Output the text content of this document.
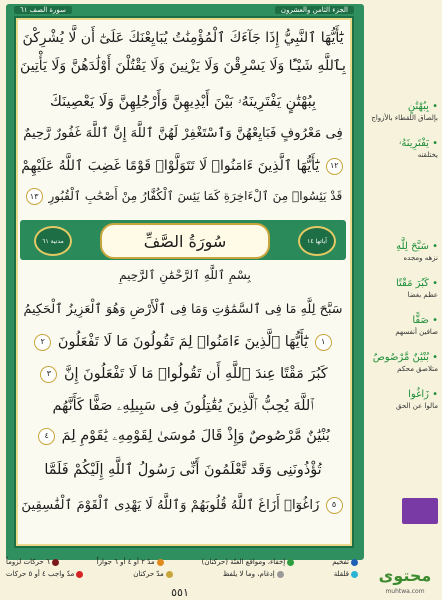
سورة الصف ٦١	الجزء الثامن والعشرون
يَٰٓأَيُّهَا ٱلنَّبِيُّ إِذَا جَآءَكَ ٱلْمُؤْمِنَٰتُ يُبَايِعْنَكَ عَلَىٰٓ أَن لَّا يُشْرِكْنَ
بِٱللَّهِ شَيْـًٔا وَلَا يَسْرِقْنَ وَلَا يَزْنِينَ وَلَا يَقْتُلْنَ أَوْلَٰدَهُنَّ وَلَا يَأْتِينَ
بِبُهْتَٰنٍ يَفْتَرِينَهُۥ بَيْنَ أَيْدِيهِنَّ وَأَرْجُلِهِنَّ وَلَا يَعْصِينَكَ
فِى مَعْرُوفٍ فَبَايِعْهُنَّ وَٱسْتَغْفِرْ لَهُنَّ ٱللَّهَ إِنَّ ٱللَّهَ غَفُورٌ رَّحِيمٌ
١٢ يَٰٓأَيُّهَا ٱلَّذِينَ ءَامَنُوا۟ لَا تَتَوَلَّوْا۟ قَوْمًا غَضِبَ ٱللَّهُ عَلَيْهِمْ
قَدْ يَئِسُوا۟ مِنَ ٱلْءَاخِرَةِ كَمَا يَئِسَ ٱلْكُفَّارُ مِنْ أَصْحَٰبِ ٱلْقُبُورِ ١٣
مدنية ٦١	سُورَةُ الصَّفِّ	آياتها ١٤
بِسْمِ ٱللَّهِ ٱلرَّحْمَٰنِ ٱلرَّحِيمِ
سَبَّحَ لِلَّهِ مَا فِى ٱلسَّمَٰوَٰتِ وَمَا فِى ٱلْأَرْضِ وَهُوَ ٱلْعَزِيزُ ٱلْحَكِيمُ
١ يَٰٓأَيُّهَا ٱلَّذِينَ ءَامَنُوا۟ لِمَ تَقُولُونَ مَا لَا تَفْعَلُونَ ٢
كَبُرَ مَقْتًا عِندَ ٱللَّهِ أَن تَقُولُوا۟ مَا لَا تَفْعَلُونَ إِنَّ ٣
ٱللَّهَ يُحِبُّ ٱلَّذِينَ يُقَٰتِلُونَ فِى سَبِيلِهِۦ صَفًّا كَأَنَّهُم
بُنْيَٰنٌ مَّرْصُوصٌ وَإِذْ قَالَ مُوسَىٰ لِقَوْمِهِۦ يَٰقَوْمِ لِمَ ٤
تُؤْذُونَنِى وَقَد تَّعْلَمُونَ أَنِّى رَسُولُ ٱللَّهِ إِلَيْكُمْ فَلَمَّا
٥ زَاغُوٓا۟ أَزَاغَ ٱللَّهُ قُلُوبَهُمْ وَٱللَّهُ لَا يَهْدِى ٱلْقَوْمَ ٱلْفَٰسِقِينَ
• بِبُهْتَٰنٍ
بإلصاق اللقطاء بالأزواج
• يَفْتَرِينَهُۥ
يختلقنه
• سَبَّحَ لِلَّهِ
نزهه ومجده
• كَبُرَ مَقْتًا
عظم بغضا
• صَفًّا
صافين أنفسهم
• بُنْيَٰنٌ مَّرْصُوصٌ
متلاصق محكم
• زَاغُوا
مالوا عن الحق
تفخيم
إخفاء، ومواقع الغنّة (حركتان)
مدّ ٢ أو ٤ أو ٦ جوازاً
٦ حركات لزوماً
قلقلة
إدغام، وما لا يلفظ
مدّ حركتان
مدّ واجب ٤ أو ٥ حركات
٥٥١
محتوى
muhtwa.com
